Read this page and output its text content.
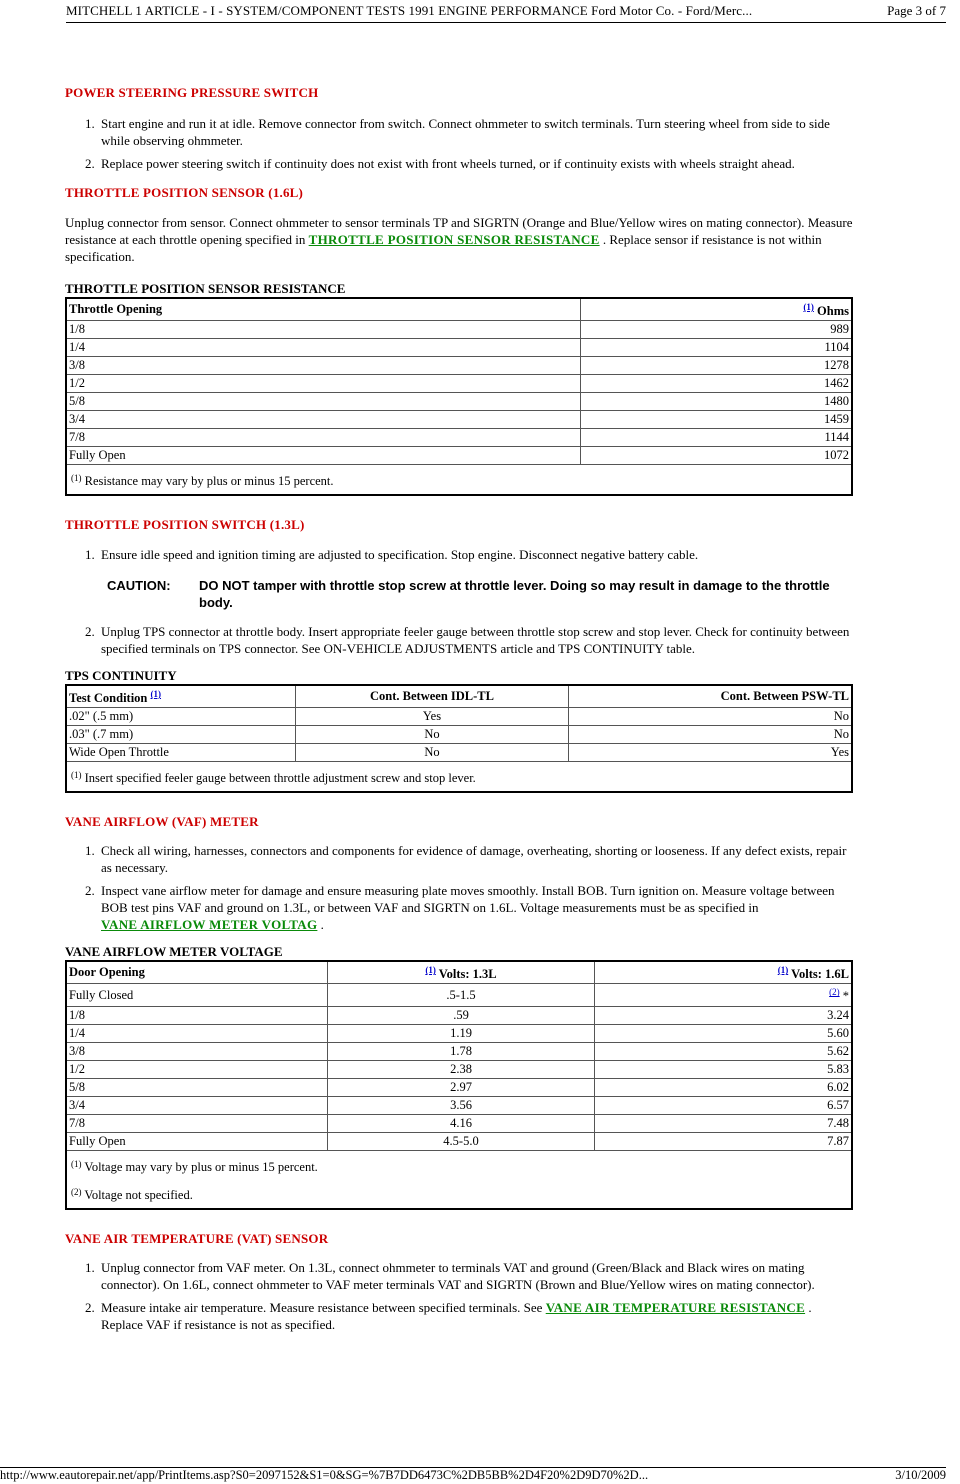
MITCHELL 1 ARTICLE - I - SYSTEM/COMPONENT TESTS 1991 ENGINE PERFORMANCE Ford Motor Co. - Ford/Merc...	Page 3 of 7
POWER STEERING PRESSURE SWITCH
1. Start engine and run it at idle. Remove connector from switch. Connect ohmmeter to switch terminals. Turn steering wheel from side to side while observing ohmmeter.
2. Replace power steering switch if continuity does not exist with front wheels turned, or if continuity exists with wheels straight ahead.
THROTTLE POSITION SENSOR (1.6L)

Unplug connector from sensor. Connect ohmmeter to sensor terminals TP and SIGRTN (Orange and Blue/Yellow wires on mating connector). Measure resistance at each throttle opening specified in THROTTLE POSITION SENSOR RESISTANCE . Replace sensor if resistance is not within specification.

THROTTLE POSITION SENSOR RESISTANCE

Throttle Opening	$^{(1)}$ Ohms
1/8	989
1/4	1104
3/8	1278
1/2	1462
5/8	1480
3/4	1459
7/8	1144
Fully Open	1072
$^{(1)}$ Resistance may vary by plus or minus 15 percent.	
THROTTLE POSITION SWITCH (1.3L)
1. Ensure idle speed and ignition timing are adjusted to specification. Stop engine. Disconnect negative battery cable.
CAUTION:	DO NOT tamper with throttle stop screw at throttle lever. Doing so may result in damage to the throttle body.
2. Unplug TPS connector at throttle body. Insert appropriate feeler gauge between throttle stop screw and stop lever. Check for continuity between specified terminals on TPS connector. See ON-VEHICLE ADJUSTMENTS article and TPS CONTINUITY table.

TPS CONTINUITY

Test Condition $^{(1)}$	Cont. Between IDL-TL	Cont. Between PSW-TL
.02" (.5 mm)	Yes	No
.03" (.7 mm)	No	No
Wide Open Throttle	No	Yes
$^{(1)}$ Insert specified feeler gauge between throttle adjustment screw and stop lever.		
VANE AIRFLOW (VAF) METER
1. Check all wiring, harnesses, connectors and components for evidence of damage, overheating, shorting or looseness. If any defect exists, repair as necessary.
2. Inspect vane airflow meter for damage and ensure measuring plate moves smoothly. Install BOB. Turn ignition on. Measure voltage between BOB test pins VAF and ground on 1.3L, or between VAF and SIGRTN on 1.6L. Voltage measurements must be as specified in
VANE AIRFLOW METER VOLTAG .

VANE AIRFLOW METER VOLTAGE

Door Opening	$^{(1)}$ Volts: 1.3L	$^{(1)}$ Volts: 1.6L
Fully Closed	.5-1.5	$^{(2)}$ *
1/8	.59	3.24
1/4	1.19	5.60
3/8	1.78	5.62
1/2	2.38	5.83
5/8	2.97	6.02
3/4	3.56	6.57
7/8	4.16	7.48
Fully Open	4.5-5.0	7.87

$^{(1)}$ Voltage may vary by plus or minus 15 percent.
$^{(2)}$ Voltage not specified.		
VANE AIR TEMPERATURE (VAT) SENSOR
1. Unplug connector from VAF meter. On 1.3L, connect ohmmeter to terminals VAT and ground (Green/Black and Black wires on mating connector). On 1.6L, connect ohmmeter to VAF meter terminals VAT and SIGRTN (Brown and Blue/Yellow wires on mating connector).
2. Measure intake air temperature. Measure resistance between specified terminals. See VANE AIR TEMPERATURE RESISTANCE . Replace VAF if resistance is not as specified.
http://www.eautorepair.net/app/PrintItems.asp?S0=2097152&S1=0&SG=%7B7DD6473C%2DB5BB%2D4F20%2D9D70%2D...	3/10/2009
